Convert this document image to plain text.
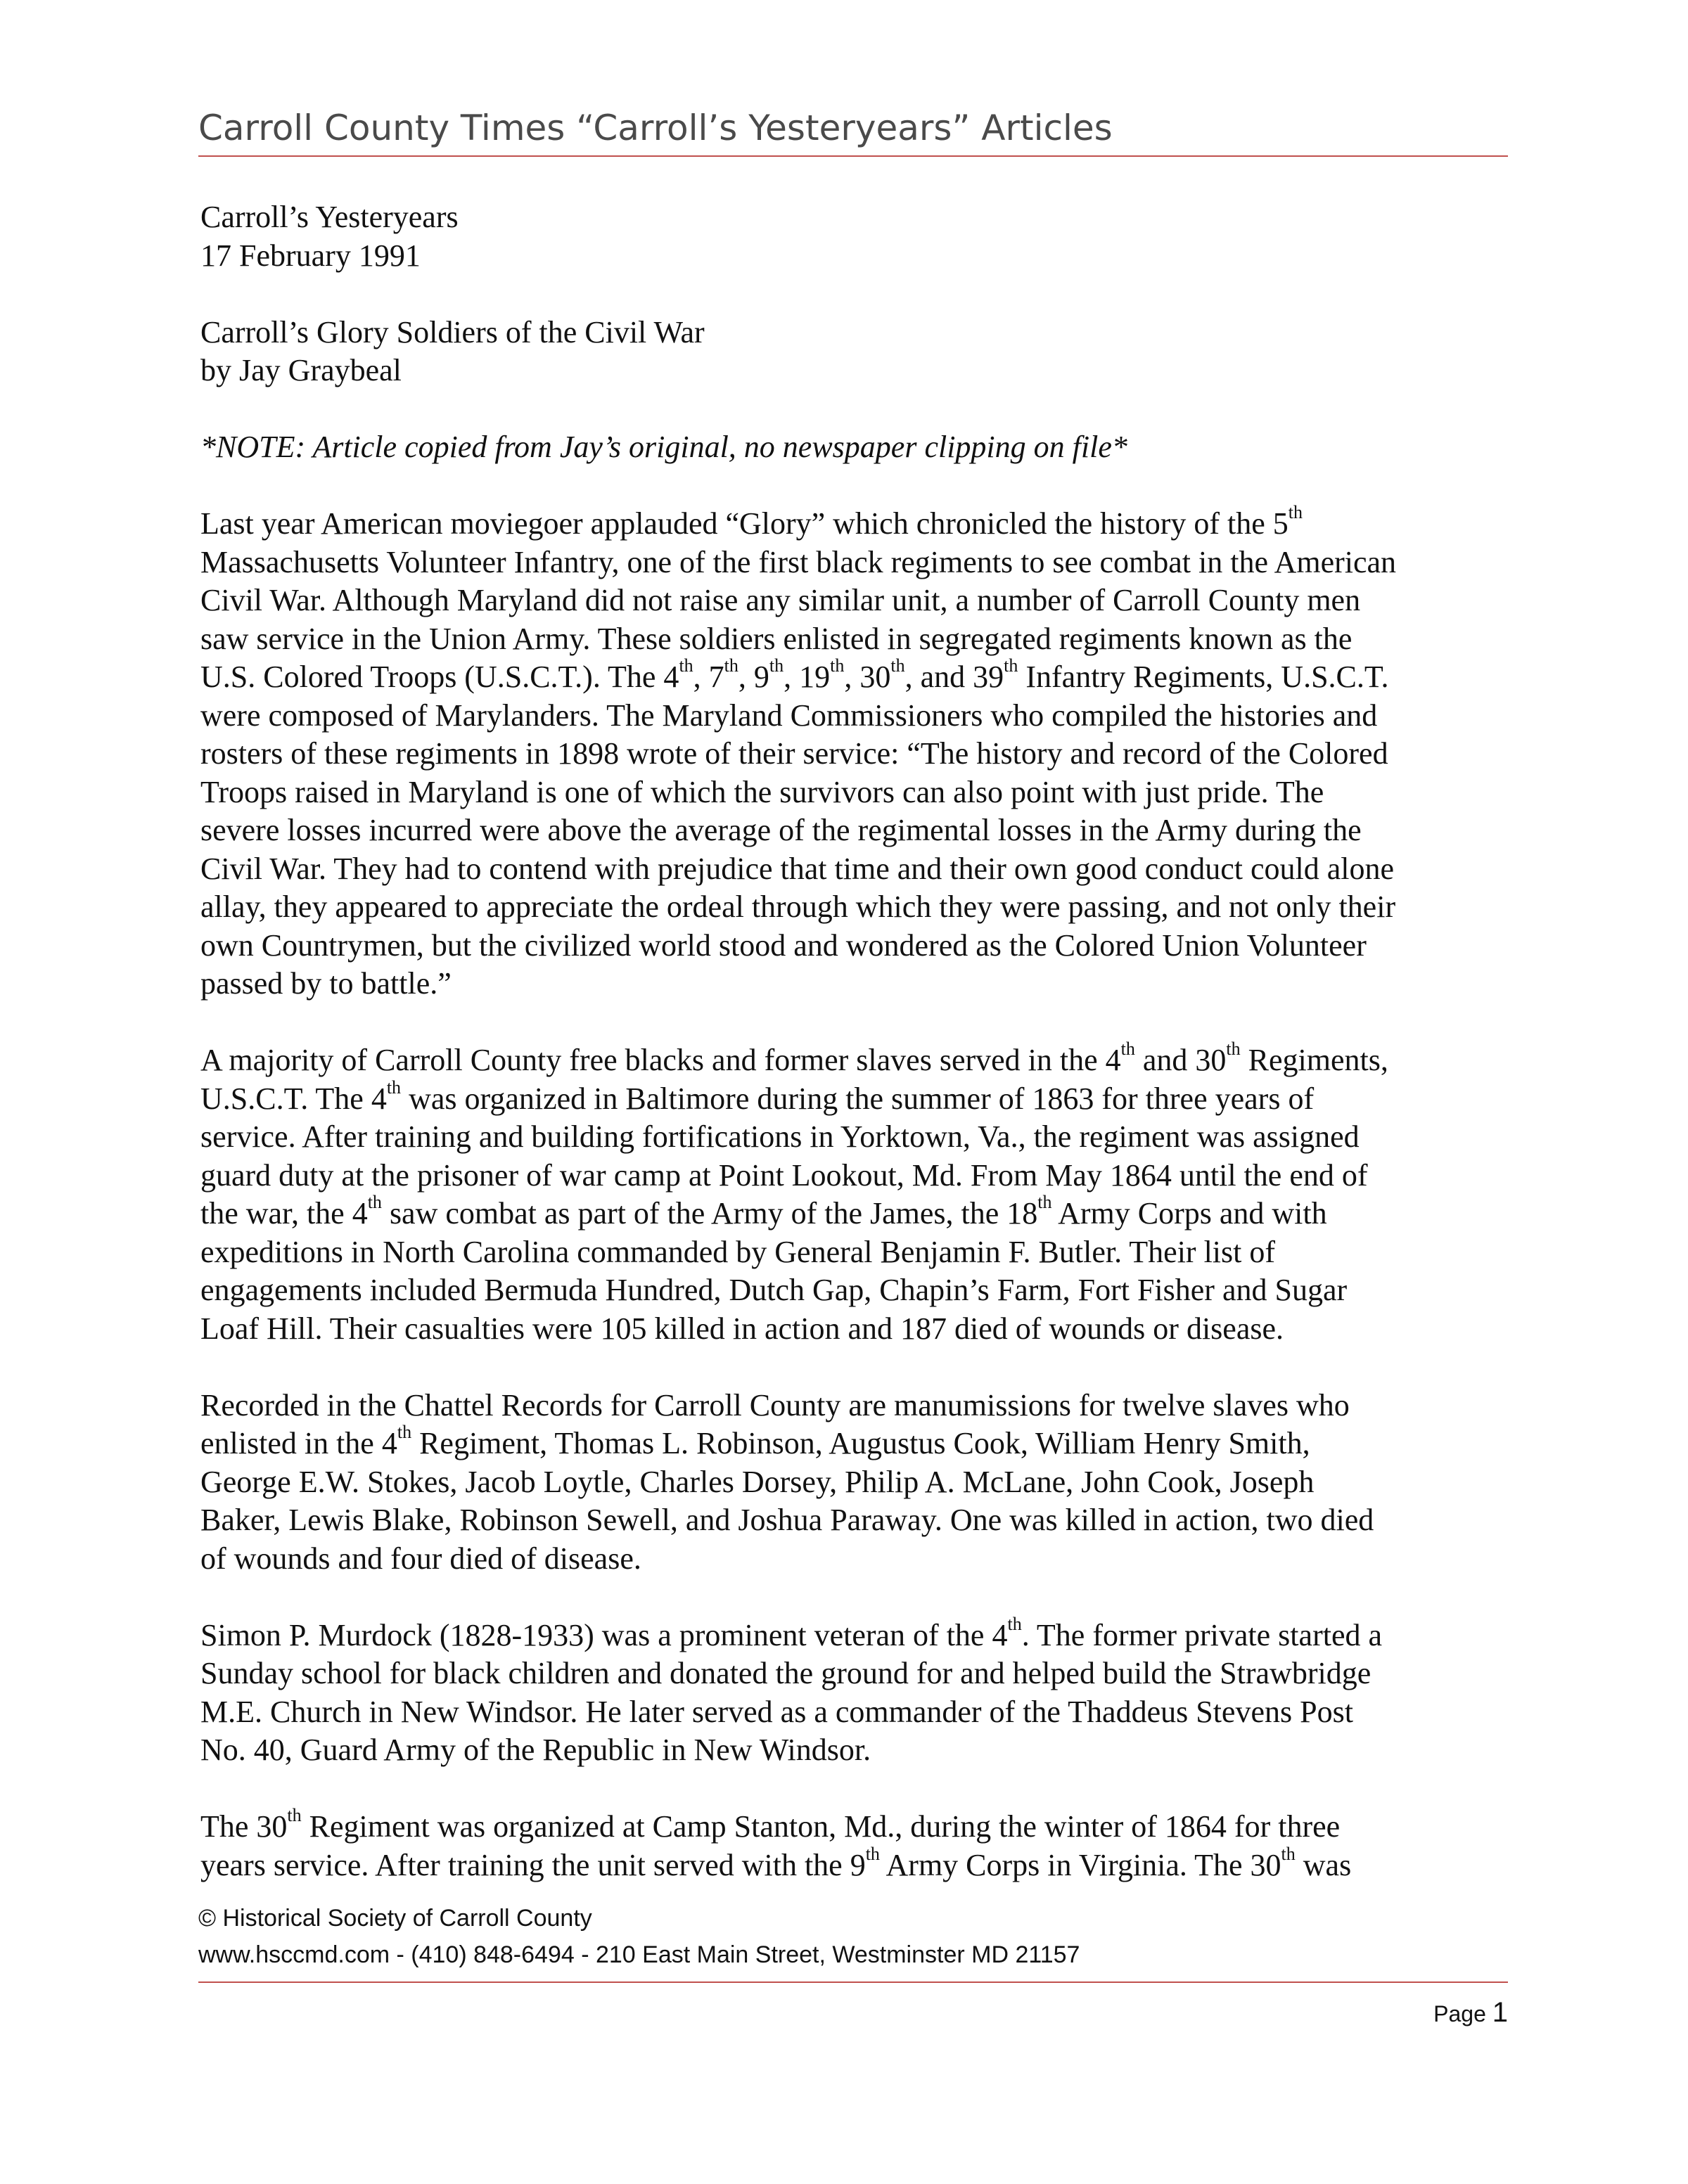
Carroll County Times “Carroll’s Yesteryears” Articles

Carroll’s Yesteryears
17 February 1991

Carroll’s Glory Soldiers of the Civil War
by Jay Graybeal

*NOTE: Article copied from Jay’s original, no newspaper clipping on file*

Last year American moviegoer applauded “Glory” which chronicled the history of the 5th
Massachusetts Volunteer Infantry, one of the first black regiments to see combat in the American
Civil War. Although Maryland did not raise any similar unit, a number of Carroll County men
saw service in the Union Army. These soldiers enlisted in segregated regiments known as the
U.S. Colored Troops (U.S.C.T.). The 4th, 7th, 9th, 19th, 30th, and 39th Infantry Regiments, U.S.C.T.
were composed of Marylanders. The Maryland Commissioners who compiled the histories and
rosters of these regiments in 1898 wrote of their service: “The history and record of the Colored
Troops raised in Maryland is one of which the survivors can also point with just pride. The
severe losses incurred were above the average of the regimental losses in the Army during the
Civil War. They had to contend with prejudice that time and their own good conduct could alone
allay, they appeared to appreciate the ordeal through which they were passing, and not only their
own Countrymen, but the civilized world stood and wondered as the Colored Union Volunteer
passed by to battle.”

A majority of Carroll County free blacks and former slaves served in the 4th and 30th Regiments,
U.S.C.T. The 4th was organized in Baltimore during the summer of 1863 for three years of
service. After training and building fortifications in Yorktown, Va., the regiment was assigned
guard duty at the prisoner of war camp at Point Lookout, Md. From May 1864 until the end of
the war, the 4th saw combat as part of the Army of the James, the 18th Army Corps and with
expeditions in North Carolina commanded by General Benjamin F. Butler. Their list of
engagements included Bermuda Hundred, Dutch Gap, Chapin’s Farm, Fort Fisher and Sugar
Loaf Hill. Their casualties were 105 killed in action and 187 died of wounds or disease.

Recorded in the Chattel Records for Carroll County are manumissions for twelve slaves who
enlisted in the 4th Regiment, Thomas L. Robinson, Augustus Cook, William Henry Smith,
George E.W. Stokes, Jacob Loytle, Charles Dorsey, Philip A. McLane, John Cook, Joseph
Baker, Lewis Blake, Robinson Sewell, and Joshua Paraway. One was killed in action, two died
of wounds and four died of disease.

Simon P. Murdock (1828-1933) was a prominent veteran of the 4th. The former private started a
Sunday school for black children and donated the ground for and helped build the Strawbridge
M.E. Church in New Windsor. He later served as a commander of the Thaddeus Stevens Post
No. 40, Guard Army of the Republic in New Windsor.

The 30th Regiment was organized at Camp Stanton, Md., during the winter of 1864 for three
years service. After training the unit served with the 9th Army Corps in Virginia. The 30th was

© Historical Society of Carroll County
www.hsccmd.com - (410) 848-6494 - 210 East Main Street, Westminster MD 21157
Page 1
